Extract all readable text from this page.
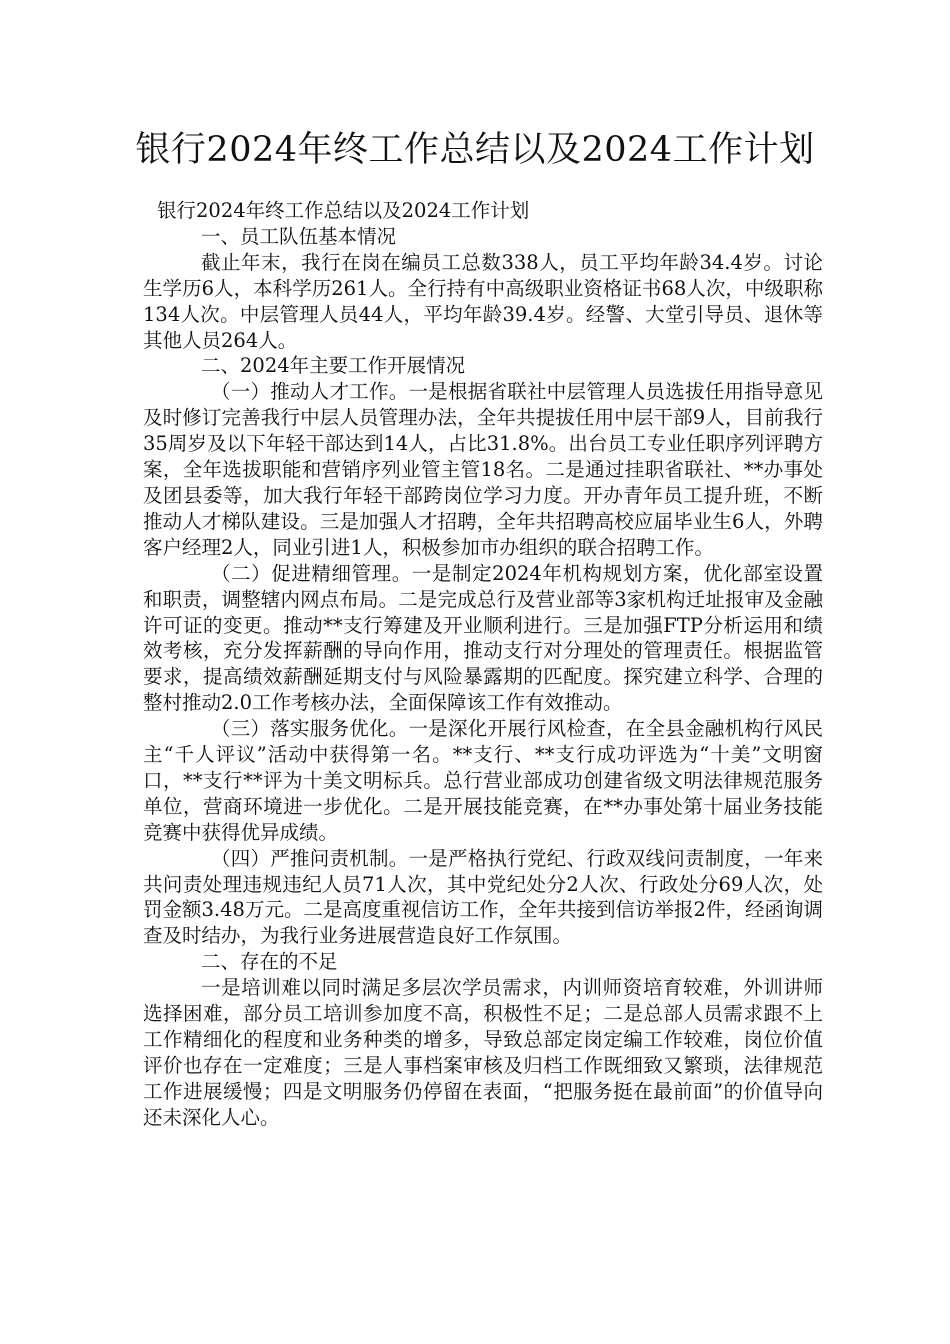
银行2024年终工作总结以及2024工作计划

银行2024年终工作总结以及2024工作计划

一、员工队伍基本情况

截止年末，我行在岗在编员工总数338人，员工平均年龄34.4岁。讨论生学历6人，本科学历261人。全行持有中高级职业资格证书68人次，中级职称134人次。中层管理人员44人，平均年龄39.4岁。经警、大堂引导员、退休等其他人员264人。

二、2024年主要工作开展情况

（一）推动人才工作。一是根据省联社中层管理人员选拔任用指导意见及时修订完善我行中层人员管理办法，全年共提拔任用中层干部9人，目前我行35周岁及以下年轻干部达到14人，占比31.8%。出台员工专业任职序列评聘方案，全年选拔职能和营销序列业管主管18名。二是通过挂职省联社、**办事处及团县委等，加大我行年轻干部跨岗位学习力度。开办青年员工提升班，不断推动人才梯队建设。三是加强人才招聘，全年共招聘高校应届毕业生6人，外聘客户经理2人，同业引进1人，积极参加市办组织的联合招聘工作。

（二）促进精细管理。一是制定2024年机构规划方案，优化部室设置和职责，调整辖内网点布局。二是完成总行及营业部等3家机构迁址报审及金融许可证的变更。推动**支行筹建及开业顺利进行。三是加强FTP分析运用和绩效考核，充分发挥薪酬的导向作用，推动支行对分理处的管理责任。根据监管要求，提高绩效薪酬延期支付与风险暴露期的匹配度。探究建立科学、合理的整村推动2.0工作考核办法，全面保障该工作有效推动。

（三）落实服务优化。一是深化开展行风检查，在全县金融机构行风民主“千人评议”活动中获得第一名。**支行、**支行成功评选为“十美”文明窗口，**支行**评为十美文明标兵。总行营业部成功创建省级文明法律规范服务单位，营商环境进一步优化。二是开展技能竞赛，在**办事处第十届业务技能竞赛中获得优异成绩。

（四）严推问责机制。一是严格执行党纪、行政双线问责制度，一年来共问责处理违规违纪人员71人次，其中党纪处分2人次、行政处分69人次，处罚金额3.48万元。二是高度重视信访工作，全年共接到信访举报2件，经函询调查及时结办，为我行业务进展营造良好工作氛围。

二、存在的不足

一是培训难以同时满足多层次学员需求，内训师资培育较难，外训讲师选择困难，部分员工培训参加度不高，积极性不足；二是总部人员需求跟不上工作精细化的程度和业务种类的增多，导致总部定岗定编工作较难，岗位价值评价也存在一定难度；三是人事档案审核及归档工作既细致又繁琐，法律规范工作进展缓慢；四是文明服务仍停留在表面，“把服务挺在最前面”的价值导向还未深化人心。
